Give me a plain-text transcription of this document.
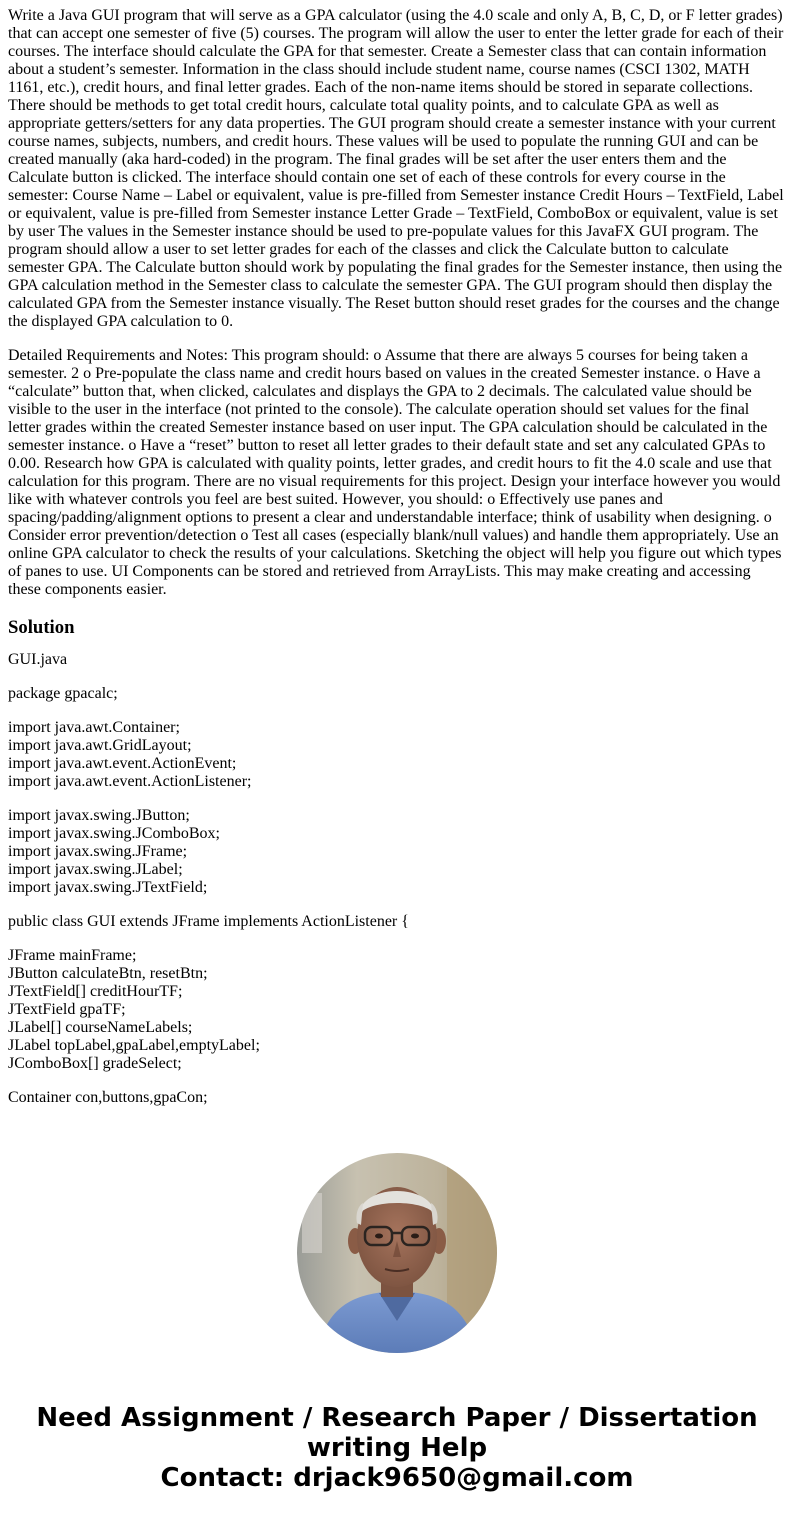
Write a Java GUI program that will serve as a GPA calculator (using the 4.0 scale and only A, B, C, D, or F letter grades) that can accept one semester of five (5) courses. The program will allow the user to enter the letter grade for each of their courses. The interface should calculate the GPA for that semester. Create a Semester class that can contain information about a student’s semester. Information in the class should include student name, course names (CSCI 1302, MATH 1161, etc.), credit hours, and final letter grades. Each of the non-name items should be stored in separate collections. There should be methods to get total credit hours, calculate total quality points, and to calculate GPA as well as appropriate getters/setters for any data properties. The GUI program should create a semester instance with your current course names, subjects, numbers, and credit hours. These values will be used to populate the running GUI and can be created manually (aka hard-coded) in the program. The final grades will be set after the user enters them and the Calculate button is clicked. The interface should contain one set of each of these controls for every course in the semester: Course Name – Label or equivalent, value is pre-filled from Semester instance Credit Hours – TextField, Label or equivalent, value is pre-filled from Semester instance Letter Grade – TextField, ComboBox or equivalent, value is set by user The values in the Semester instance should be used to pre-populate values for this JavaFX GUI program. The program should allow a user to set letter grades for each of the classes and click the Calculate button to calculate semester GPA. The Calculate button should work by populating the final grades for the Semester instance, then using the GPA calculation method in the Semester class to calculate the semester GPA. The GUI program should then display the calculated GPA from the Semester instance visually. The Reset button should reset grades for the courses and the change the displayed GPA calculation to 0.

Detailed Requirements and Notes: This program should: o Assume that there are always 5 courses for being taken a semester. 2 o Pre-populate the class name and credit hours based on values in the created Semester instance. o Have a “calculate” button that, when clicked, calculates and displays the GPA to 2 decimals. The calculated value should be visible to the user in the interface (not printed to the console). The calculate operation should set values for the final letter grades within the created Semester instance based on user input. The GPA calculation should be calculated in the semester instance. o Have a “reset” button to reset all letter grades to their default state and set any calculated GPAs to 0.00. Research how GPA is calculated with quality points, letter grades, and credit hours to fit the 4.0 scale and use that calculation for this program. There are no visual requirements for this project. Design your interface however you would like with whatever controls you feel are best suited. However, you should: o Effectively use panes and spacing/padding/alignment options to present a clear and understandable interface; think of usability when designing. o Consider error prevention/detection o Test all cases (especially blank/null values) and handle them appropriately. Use an online GPA calculator to check the results of your calculations. Sketching the object will help you figure out which types of panes to use. UI Components can be stored and retrieved from ArrayLists. This may make creating and accessing these components easier.

Solution

GUI.java

package gpacalc;

import java.awt.Container;
import java.awt.GridLayout;
import java.awt.event.ActionEvent;
import java.awt.event.ActionListener;
import javax.swing.JButton;
import javax.swing.JComboBox;
import javax.swing.JFrame;
import javax.swing.JLabel;
import javax.swing.JTextField;

public class GUI extends JFrame implements ActionListener {

JFrame mainFrame;
JButton calculateBtn, resetBtn;
JTextField[] creditHourTF;
JTextField gpaTF;
JLabel[] courseNameLabels;
JLabel topLabel,gpaLabel,emptyLabel;
JComboBox[] gradeSelect;

Container con,buttons,gpaCon;

Need Assignment / Research Paper / Dissertation
writing Help
Contact: drjack9650@gmail.com
